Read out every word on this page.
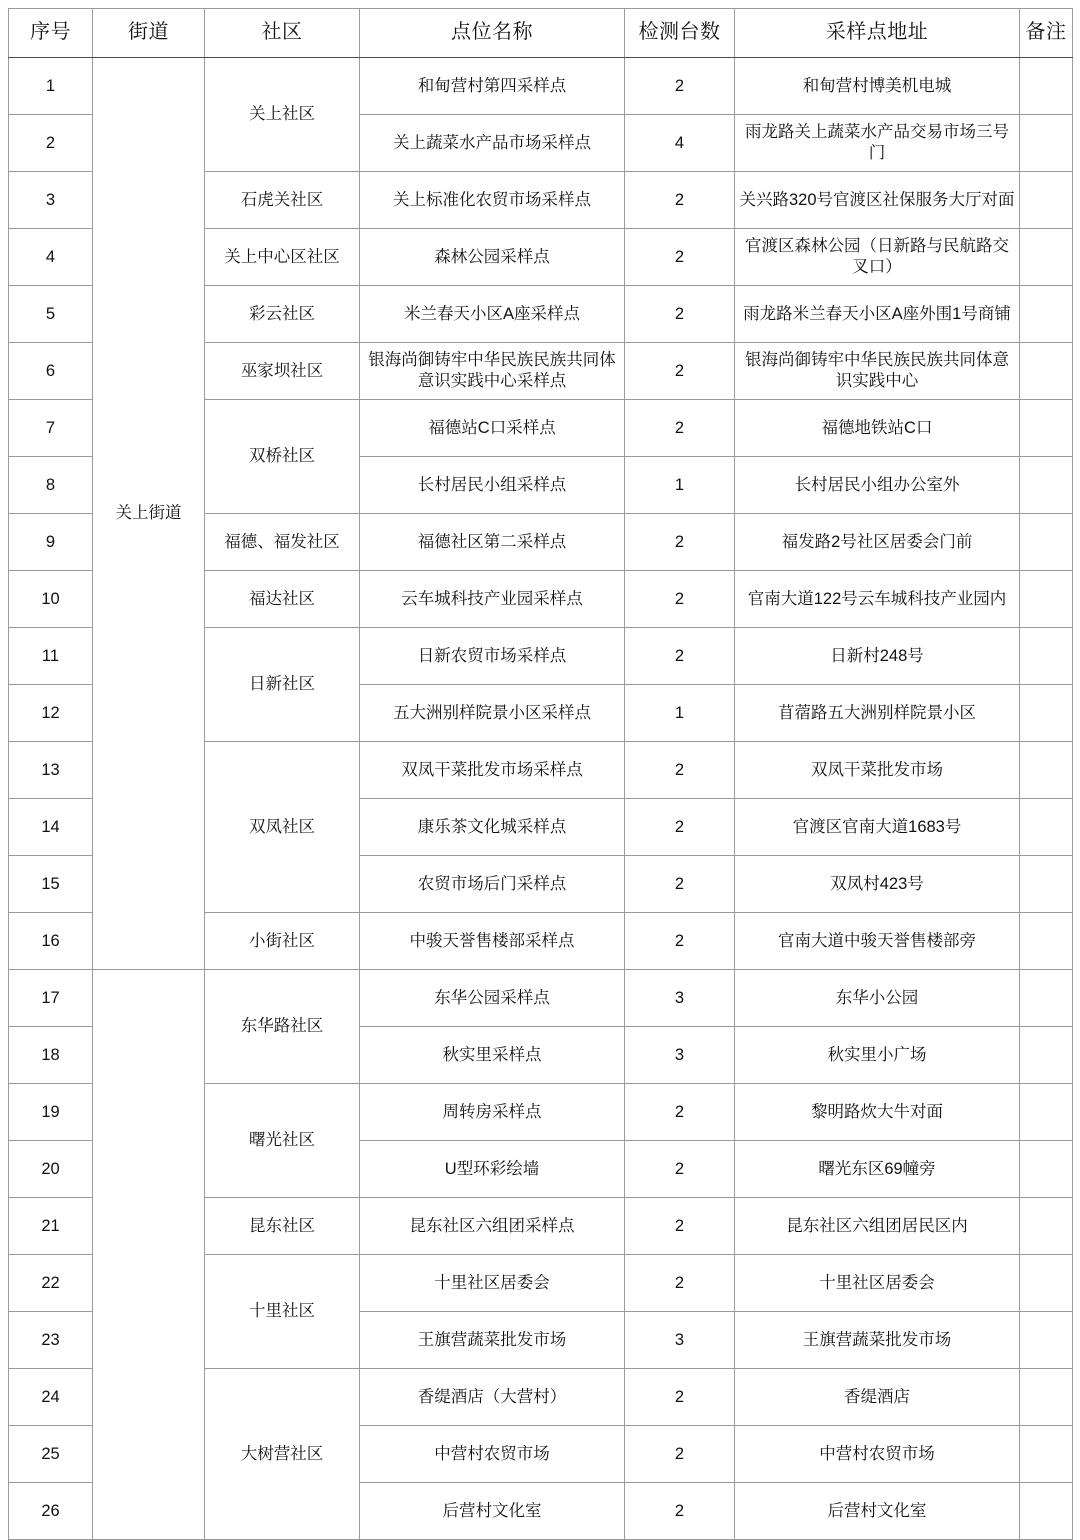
序号	街道	社区	点位名称	检测台数	采样点地址	备注
1	关上街道	关上社区	和甸营村第四采样点	2	和甸营村博美机电城	
2			关上蔬菜水产品市场采样点	4	雨龙路关上蔬菜水产品交易市场三号门	
3		石虎关社区	关上标准化农贸市场采样点	2	关兴路320号官渡区社保服务大厅对面	
4		关上中心区社区	森林公园采样点	2	官渡区森林公园（日新路与民航路交叉口）	
5		彩云社区	米兰春天小区A座采样点	2	雨龙路米兰春天小区A座外围1号商铺	
6		巫家坝社区	银海尚御铸牢中华民族民族共同体意识实践中心采样点	2	银海尚御铸牢中华民族民族共同体意识实践中心	
7		双桥社区	福德站C口采样点	2	福德地铁站C口	
8			长村居民小组采样点	1	长村居民小组办公室外	
9		福德、福发社区	福德社区第二采样点	2	福发路2号社区居委会门前	
10		福达社区	云车城科技产业园采样点	2	官南大道122号云车城科技产业园内	
11		日新社区	日新农贸市场采样点	2	日新村248号	
12			五大洲别样院景小区采样点	1	苜蓿路五大洲别样院景小区	
13		双凤社区	双凤干菜批发市场采样点	2	双凤干菜批发市场	
14			康乐茶文化城采样点	2	官渡区官南大道1683号	
15			农贸市场后门采样点	2	双凤村423号	
16		小街社区	中骏天誉售楼部采样点	2	官南大道中骏天誉售楼部旁	
17		东华路社区	东华公园采样点	3	东华小公园	
18			秋实里采样点	3	秋实里小广场	
19		曙光社区	周转房采样点	2	黎明路炊大牛对面	
20			U型环彩绘墙	2	曙光东区69幢旁	
21		昆东社区	昆东社区六组团采样点	2	昆东社区六组团居民区内	
22		十里社区	十里社区居委会	2	十里社区居委会	
23			王旗营蔬菜批发市场	3	王旗营蔬菜批发市场	
24		大树营社区	香缇酒店（大营村）	2	香缇酒店	
25			中营村农贸市场	2	中营村农贸市场	
26			后营村文化室	2	后营村文化室	
